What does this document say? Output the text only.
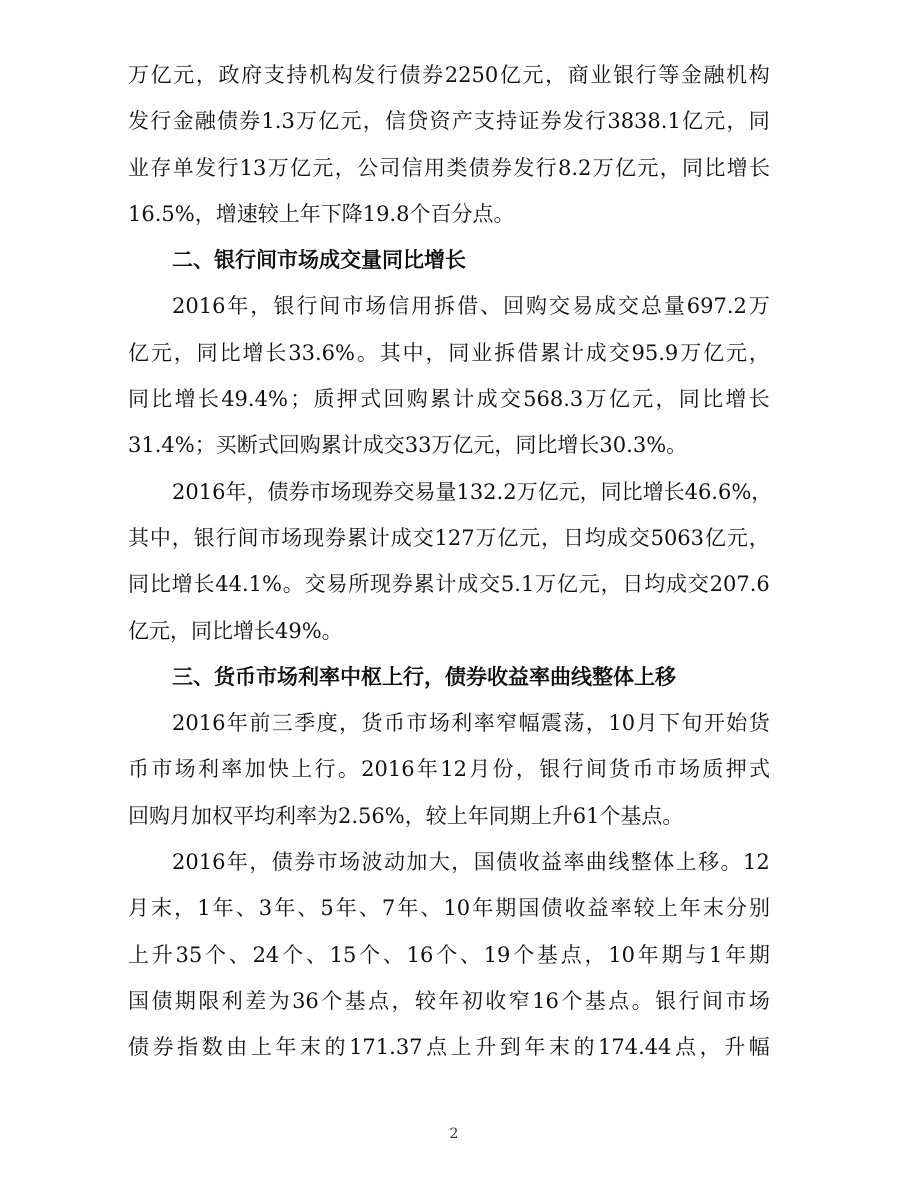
万 亿 元 ， 政 府 支 持 机 构 发 行 债 券 2250 亿 元 ， 商 业 银 行 等 金 融 机 构
发 行 金 融 债 券 1.3 万 亿 元 ， 信 贷 资 产 支 持 证 券 发 行 3838.1 亿 元 ， 同
业 存 单 发 行 13 万 亿 元 ， 公 司 信 用 类 债 券 发 行 8.2 万 亿 元 ， 同 比 增 长
16.5%，增速较上年下降19.8个百分点。
二、银行间市场成交量同比增长
2016 年 ， 银 行 间 市 场 信 用 拆 借 、 回 购 交 易 成 交 总 量 697.2 万
亿 元 ， 同 比 增 长 33.6% 。 其 中 ， 同 业 拆 借 累 计 成 交 95.9 万 亿 元 ，
同 比 增 长 49.4% ； 质 押 式 回 购 累 计 成 交 568.3 万 亿 元 ， 同 比 增 长
31.4%；买断式回购累计成交33万亿元，同比增长30.3%。
2016 年 ， 债 券 市 场 现 券 交 易 量 132.2 万 亿 元 ， 同 比 增 长 46.6% ，
其 中 ， 银 行 间 市 场 现 券 累 计 成 交 127 万 亿 元 ， 日 均 成 交 5063 亿 元 ，
同 比 增 长 44.1% 。 交 易 所 现 券 累 计 成 交 5.1 万 亿 元 ， 日 均 成 交 207.6
亿元，同比增长49%。
三、货币市场利率中枢上行，债券收益率曲线整体上移
2016 年 前 三 季 度 ， 货 币 市 场 利 率 窄 幅 震 荡 ， 10 月 下 旬 开 始 货
币 市 场 利 率 加 快 上 行 。 2016 年 12 月 份 ， 银 行 间 货 币 市 场 质 押 式
回购月加权平均利率为2.56%，较上年同期上升61个基点。
2016 年 ， 债 券 市 场 波 动 加 大 ， 国 债 收 益 率 曲 线 整 体 上 移 。 12
月 末 ， 1 年 、 3 年 、 5 年 、 7 年 、 10 年 期 国 债 收 益 率 较 上 年 末 分 别
上 升 35 个 、 24 个 、 15 个 、 16 个 、 19 个 基 点 ， 10 年 期 与 1 年 期
国 债 期 限 利 差 为 36 个 基 点 ， 较 年 初 收 窄 16 个 基 点 。 银 行 间 市 场
债 券 指 数 由 上 年 末 的 171.37 点 上 升 到 年 末 的 174.44 点 ， 升 幅
2
